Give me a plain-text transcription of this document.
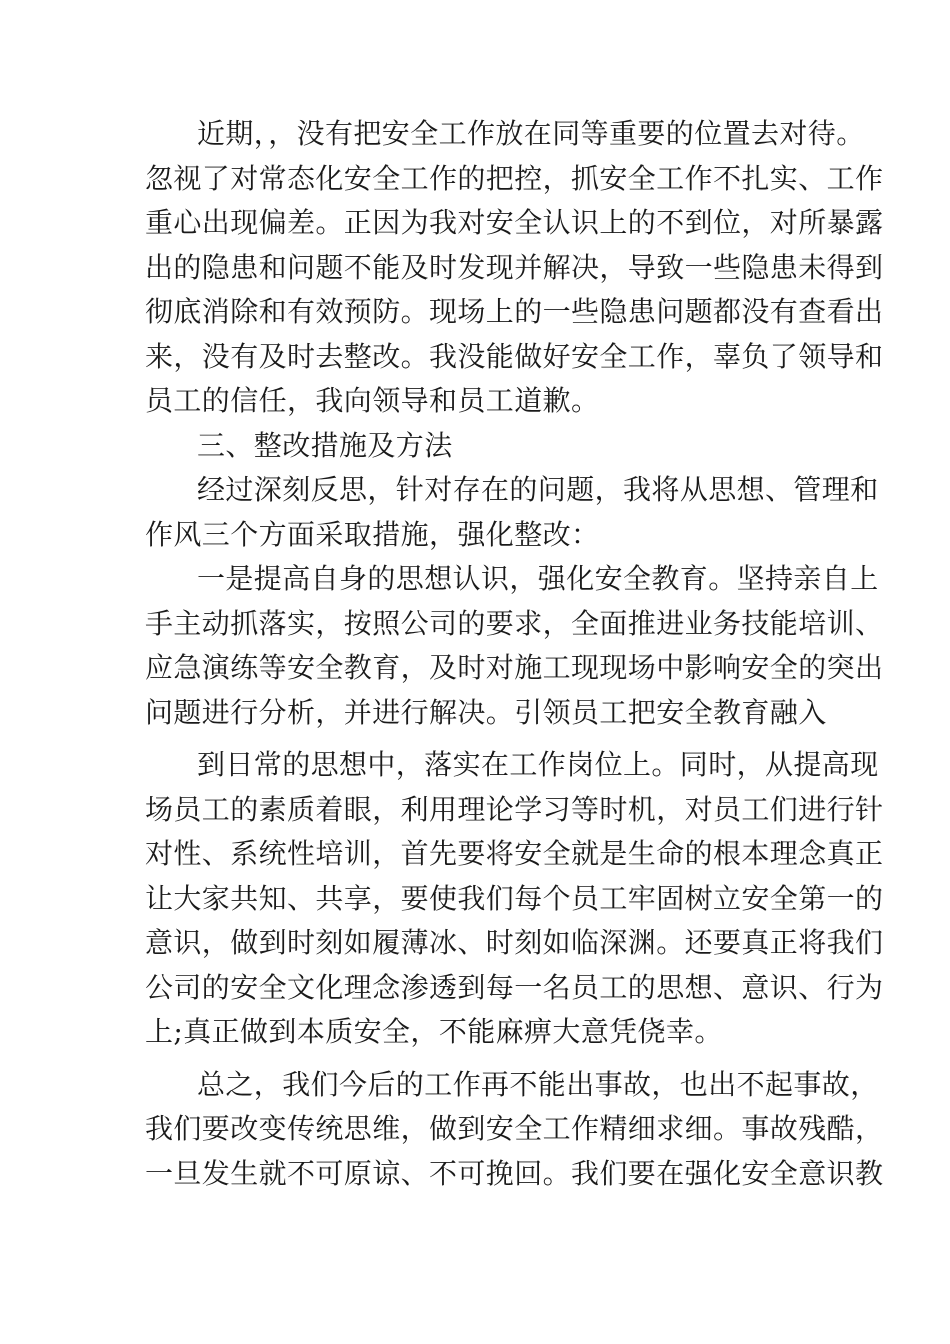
近期，，没有把安全工作放在同等重要的位置去对待。
忽视了对常态化安全工作的把控，抓安全工作不扎实、工作
重心出现偏差。正因为我对安全认识上的不到位，对所暴露
出的隐患和问题不能及时发现并解决，导致一些隐患未得到
彻底消除和有效预防。现场上的一些隐患问题都没有查看出
来，没有及时去整改。我没能做好安全工作，辜负了领导和
员工的信任，我向领导和员工道歉。
三、整改措施及方法
经过深刻反思，针对存在的问题，我将从思想、管理和
作风三个方面采取措施，强化整改：
一是提高自身的思想认识，强化安全教育。坚持亲自上
手主动抓落实，按照公司的要求，全面推进业务技能培训、
应急演练等安全教育，及时对施工现现场中影响安全的突出
问题进行分析，并进行解决。引领员工把安全教育融入
到日常的思想中，落实在工作岗位上。同时，从提高现
场员工的素质着眼，利用理论学习等时机，对员工们进行针
对性、系统性培训，首先要将安全就是生命的根本理念真正
让大家共知、共享，要使我们每个员工牢固树立安全第一的
意识，做到时刻如履薄冰、时刻如临深渊。还要真正将我们
公司的安全文化理念渗透到每一名员工的思想、意识、行为
上;真正做到本质安全，不能麻痹大意凭侥幸。
总之，我们今后的工作再不能出事故，也出不起事故，
我们要改变传统思维，做到安全工作精细求细。事故残酷，
一旦发生就不可原谅、不可挽回。我们要在强化安全意识教
